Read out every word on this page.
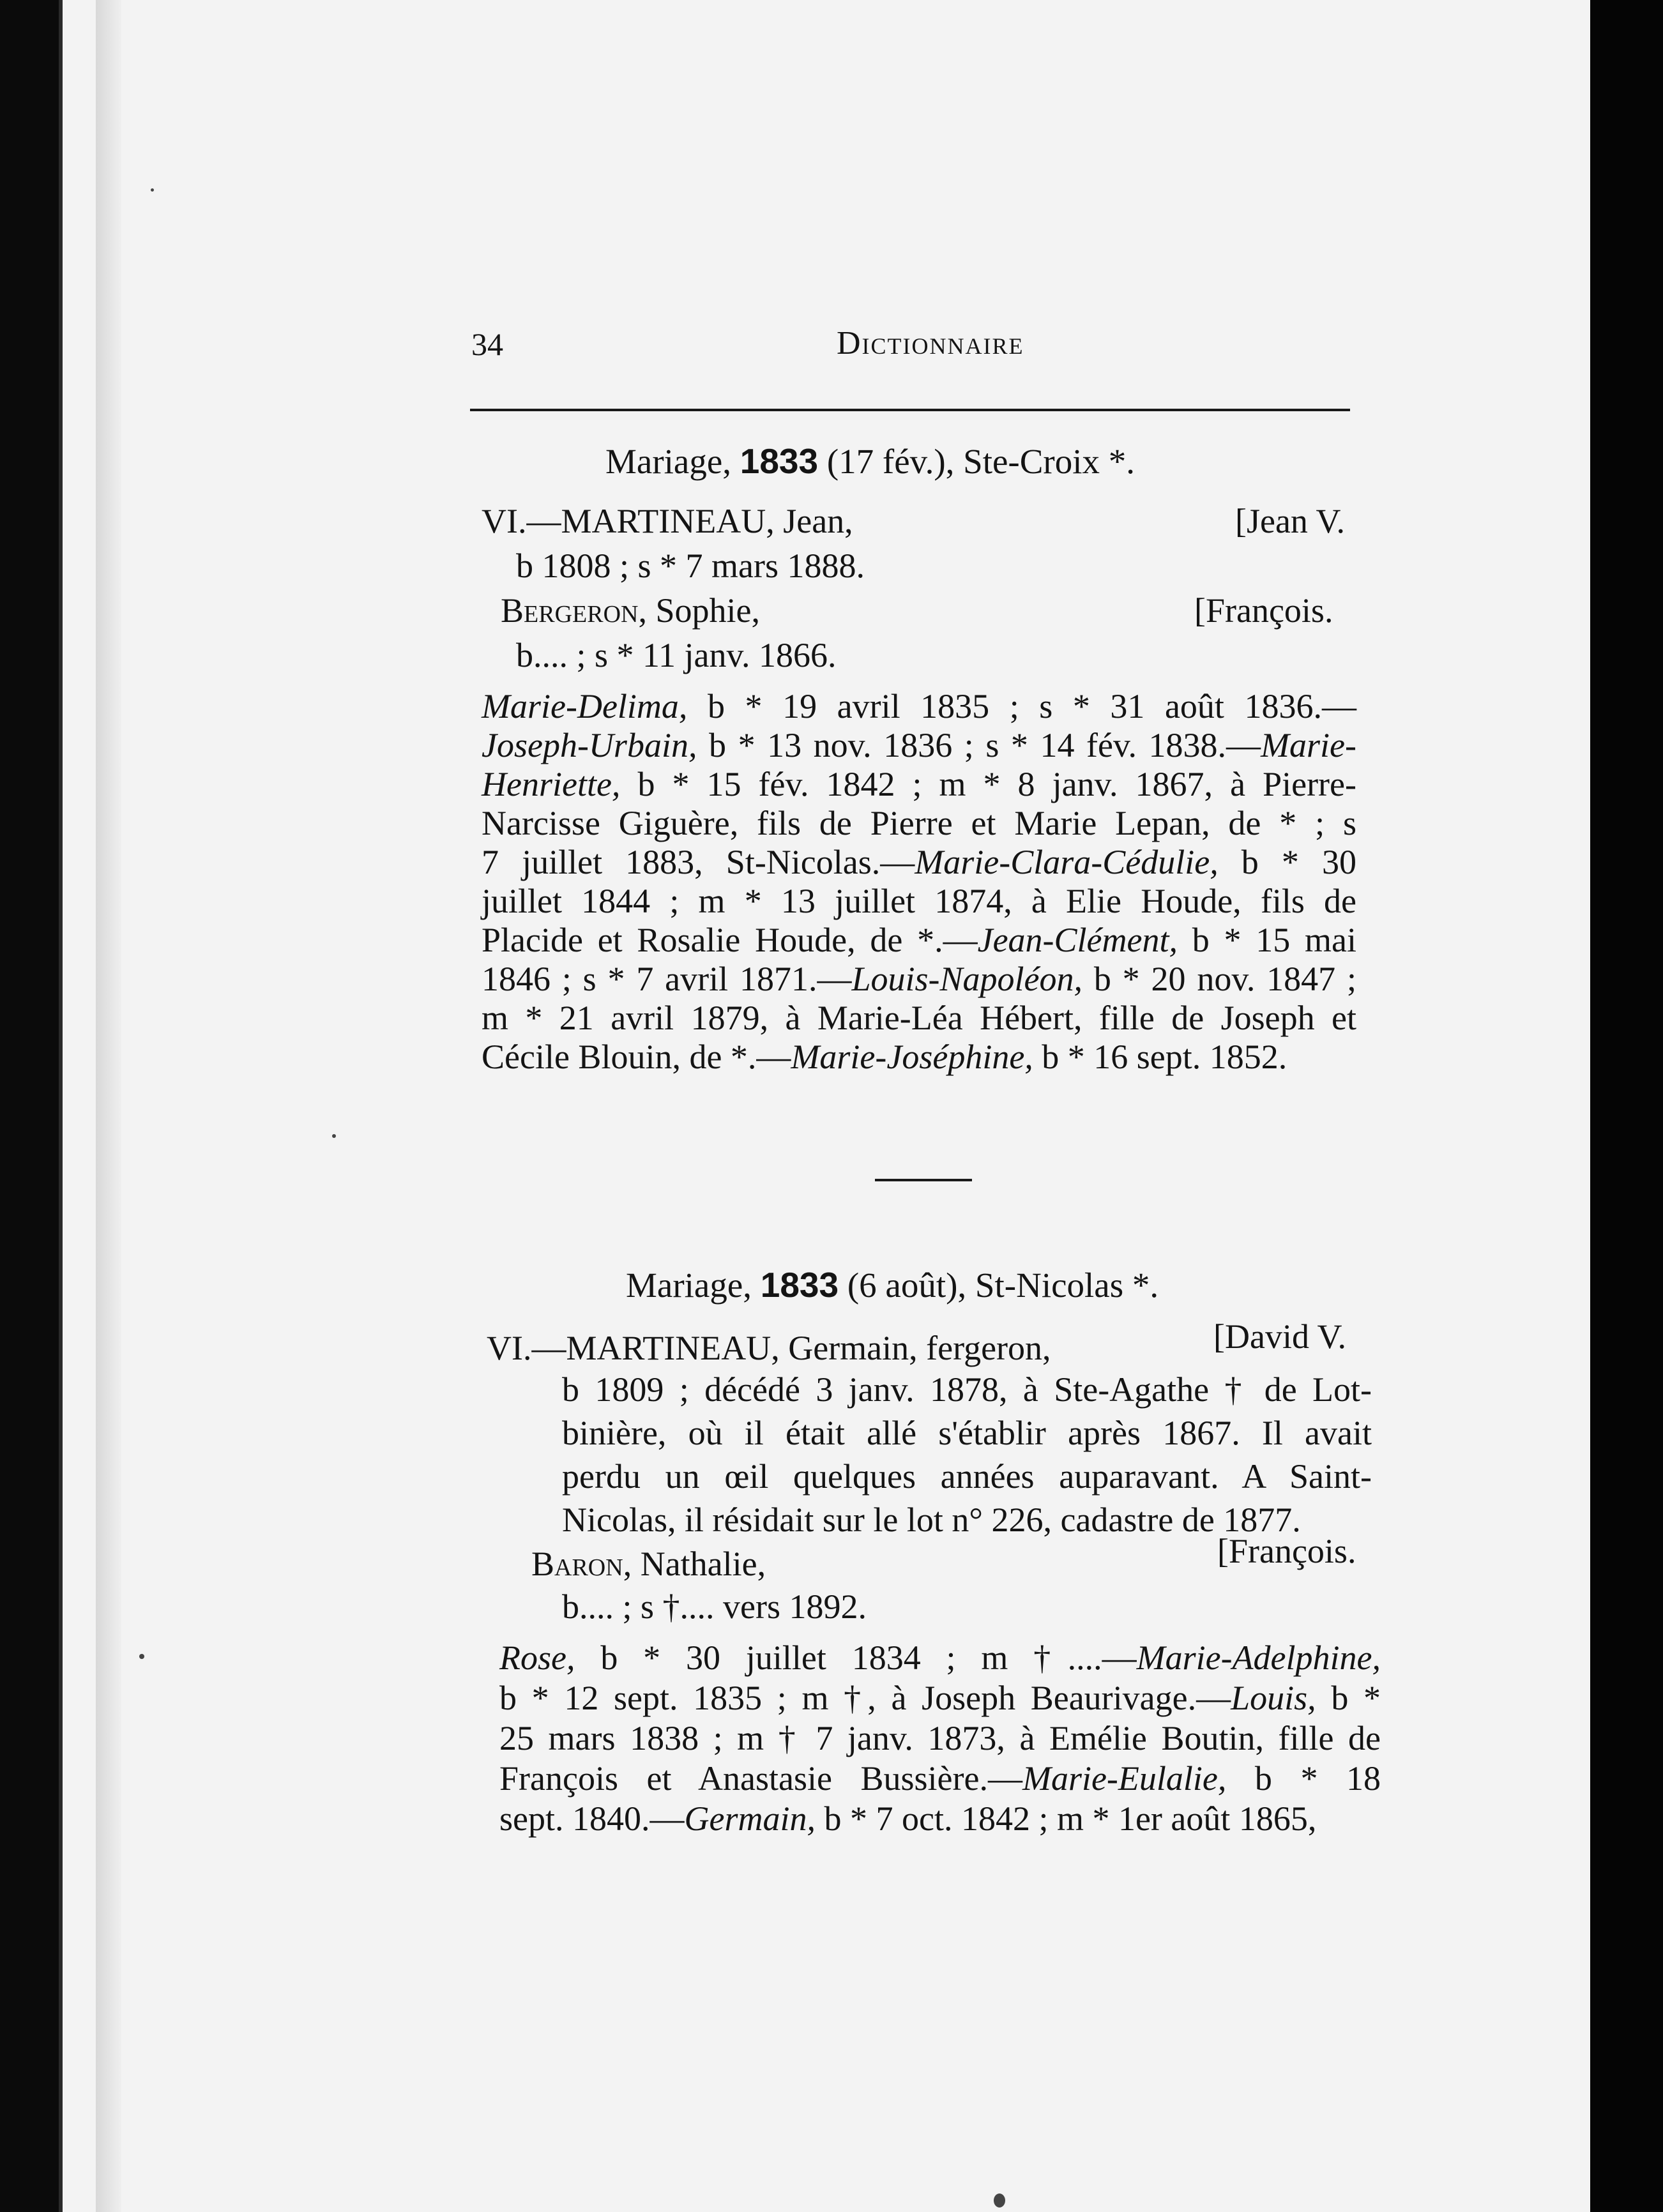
34	Dictionnaire
Mariage, 1833 (17 fév.), Ste-Croix *.
VI.—MARTINEAU, Jean,	[Jean V.
b 1808 ; s * 7 mars 1888.
Bergeron, Sophie,	[François.
b.... ; s * 11 janv. 1866.
Marie-Delima, b * 19 avril 1835 ; s * 31 août 1836.—
Joseph-Urbain, b * 13 nov. 1836 ; s * 14 fév. 1838.—Marie-
Henriette, b * 15 fév. 1842 ; m * 8 janv. 1867, à Pierre-
Narcisse Giguère, fils de Pierre et Marie Lepan, de * ; s
7 juillet 1883, St-Nicolas.—Marie-Clara-Cédulie, b * 30
juillet 1844 ; m * 13 juillet 1874, à Elie Houde, fils de
Placide et Rosalie Houde, de *.—Jean-Clément, b * 15 mai
1846 ; s * 7 avril 1871.—Louis-Napoléon, b * 20 nov. 1847 ;
m * 21 avril 1879, à Marie-Léa Hébert, fille de Joseph et
Cécile Blouin, de *.—Marie-Joséphine, b * 16 sept. 1852.
Mariage, 1833 (6 août), St-Nicolas *.
VI.—MARTINEAU, Germain, fergeron,	[David V.
b 1809 ; décédé 3 janv. 1878, à Ste-Agathe † de Lot-
binière, où il était allé s'établir après 1867. Il avait
perdu un œil quelques années auparavant. A Saint-
Nicolas, il résidait sur le lot n° 226, cadastre de 1877.
Baron, Nathalie,	[François.
b.... ; s †.... vers 1892.
Rose, b * 30 juillet 1834 ; m †....—Marie-Adelphine,
b * 12 sept. 1835 ; m †, à Joseph Beaurivage.—Louis, b *
25 mars 1838 ; m † 7 janv. 1873, à Emélie Boutin, fille de
François et Anastasie Bussière.—Marie-Eulalie, b * 18
sept. 1840.—Germain, b * 7 oct. 1842 ; m * 1er août 1865,
